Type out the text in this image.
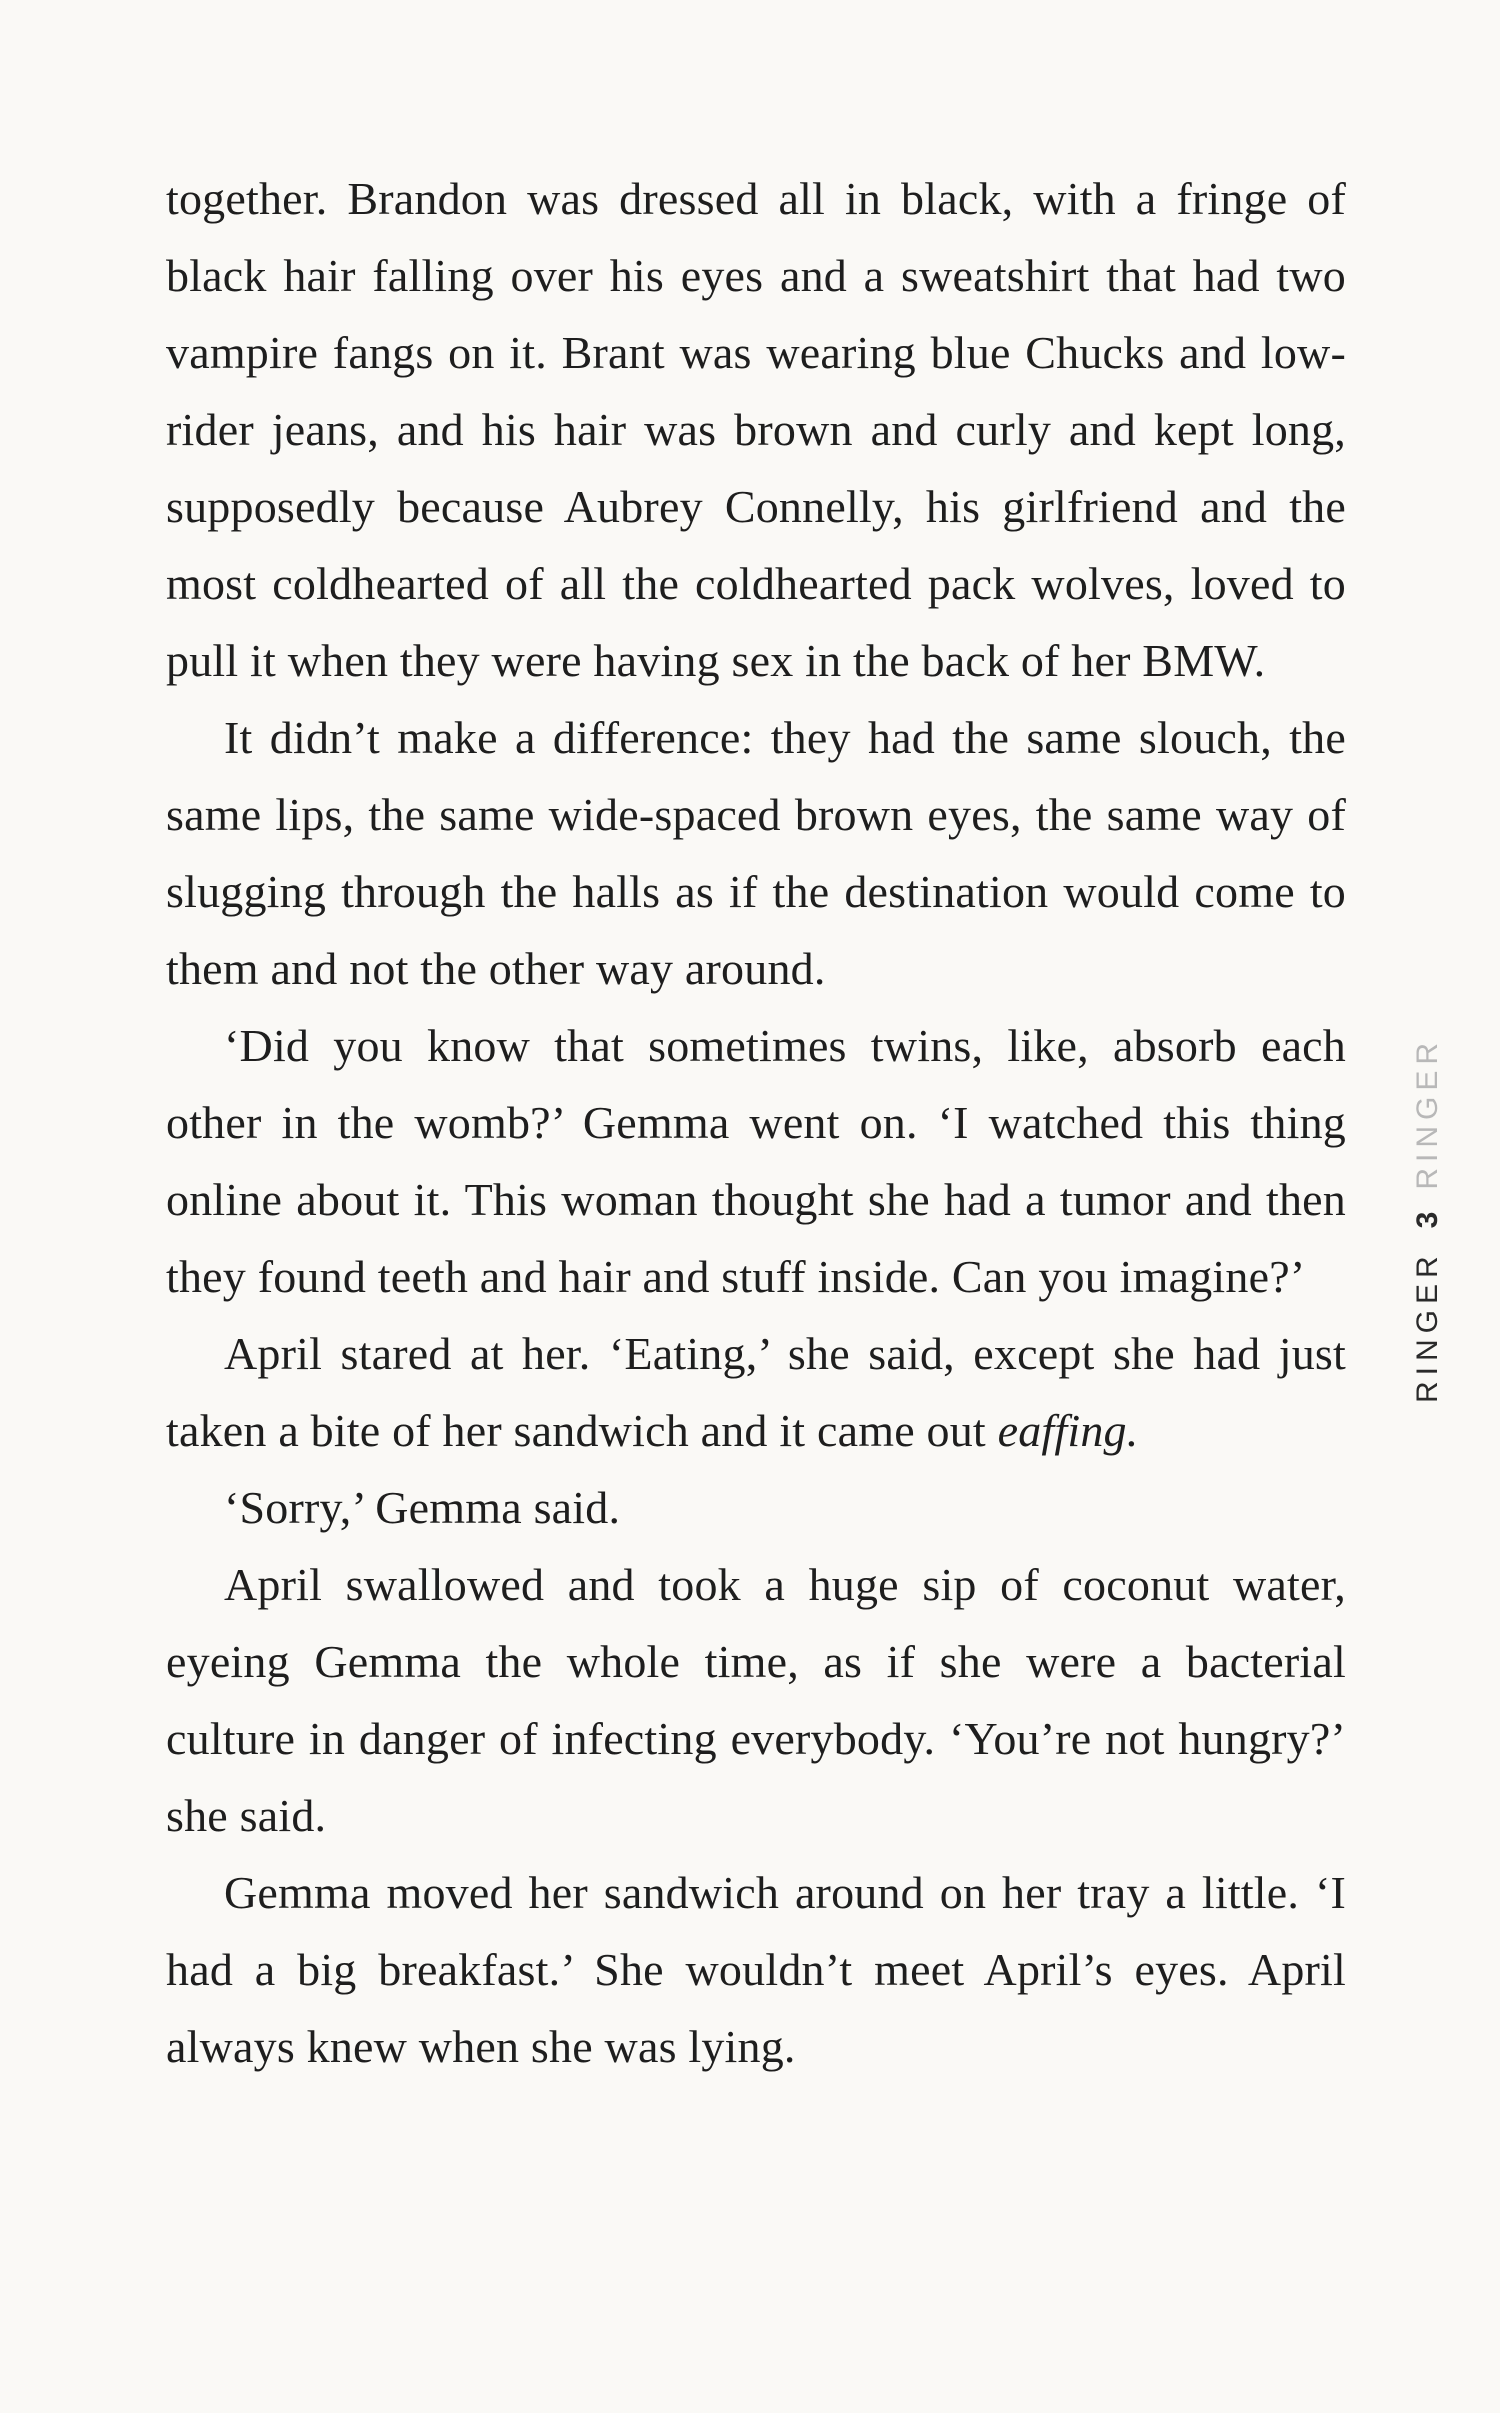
together. Brandon was dressed all in black, with a fringe of black hair falling over his eyes and a sweatshirt that had two vampire fangs on it. Brant was wearing blue Chucks and low-rider jeans, and his hair was brown and curly and kept long, supposedly because Aubrey Connelly, his girlfriend and the most coldhearted of all the coldhearted pack wolves, loved to pull it when they were having sex in the back of her BMW.

It didn’t make a difference: they had the same slouch, the same lips, the same wide-spaced brown eyes, the same way of slugging through the halls as if the destination would come to them and not the other way around.

‘Did you know that sometimes twins, like, absorb each other in the womb?’ Gemma went on. ‘I watched this thing online about it. This woman thought she had a tumor and then they found teeth and hair and stuff inside. Can you imagine?’

April stared at her. ‘Eating,’ she said, except she had just taken a bite of her sandwich and it came out eaffing.

‘Sorry,’ Gemma said.

April swallowed and took a huge sip of coconut water, eyeing Gemma the whole time, as if she were a bacterial culture in danger of infecting everybody. ‘You’re not hungry?’ she said.

Gemma moved her sandwich around on her tray a little. ‘I had a big breakfast.’ She wouldn’t meet April’s eyes. April always knew when she was lying.

RINGER3RINGER
